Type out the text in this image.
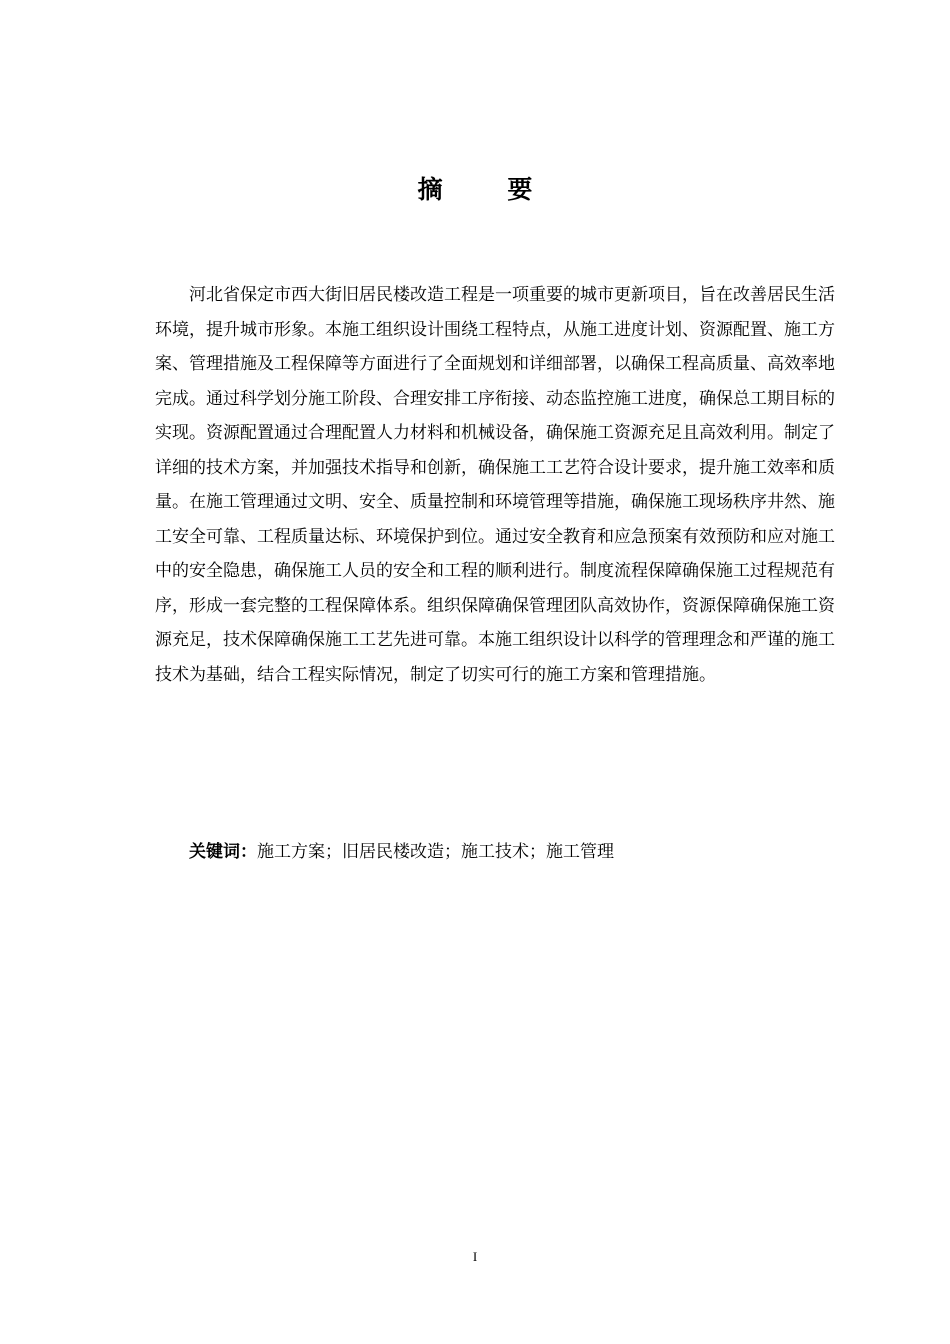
摘 要

河北省保定市西大街旧居民楼改造工程是一项重要的城市更新项目，旨在改善居民生活环境，提升城市形象。本施工组织设计围绕工程特点，从施工进度计划、资源配置、施工方案、管理措施及工程保障等方面进行了全面规划和详细部署，以确保工程高质量、高效率地完成。通过科学划分施工阶段、合理安排工序衔接、动态监控施工进度，确保总工期目标的实现。资源配置通过合理配置人力材料和机械设备，确保施工资源充足且高效利用。制定了详细的技术方案，并加强技术指导和创新，确保施工工艺符合设计要求，提升施工效率和质量。在施工管理通过文明、安全、质量控制和环境管理等措施，确保施工现场秩序井然、施工安全可靠、工程质量达标、环境保护到位。通过安全教育和应急预案有效预防和应对施工中的安全隐患，确保施工人员的安全和工程的顺利进行。制度流程保障确保施工过程规范有序，形成一套完整的工程保障体系。组织保障确保管理团队高效协作，资源保障确保施工资源充足，技术保障确保施工工艺先进可靠。本施工组织设计以科学的管理理念和严谨的施工技术为基础，结合工程实际情况，制定了切实可行的施工方案和管理措施。

关键词：施工方案；旧居民楼改造；施工技术；施工管理

I
